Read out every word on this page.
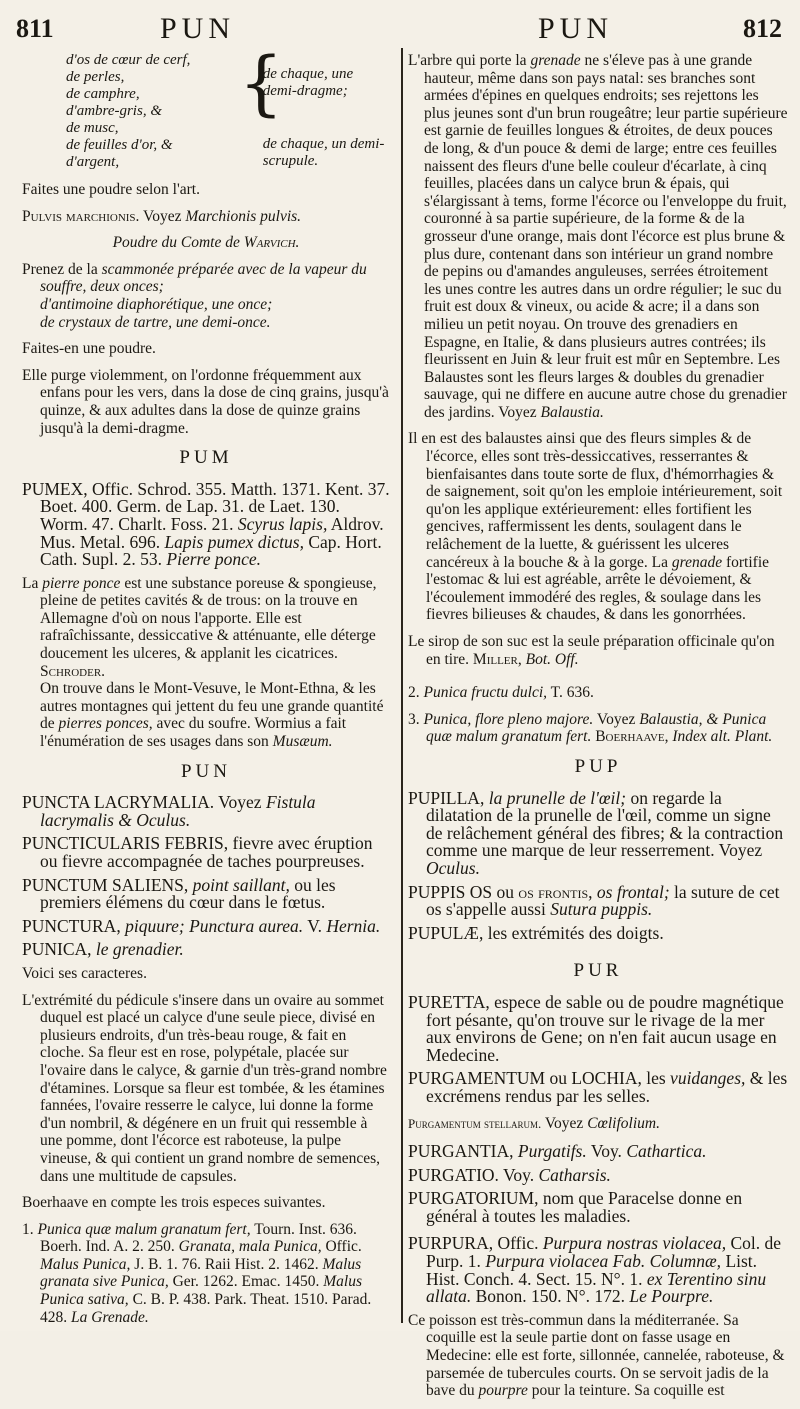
811	PUN	PUN	812
d'os de cœur de cerf,
de perles,
de camphre,
d'ambre-gris, &
de musc,
de feuilles d'or, &
d'argent,
{
de chaque, une demi-dragme;
de chaque, un demi-scrupule.

Faites une poudre selon l'art.

Pulvis marchionis. Voyez Marchionis pulvis.

Poudre du Comte de Warvich.

Prenez de la scammonée préparée avec de la vapeur du souffre, deux onces;
d'antimoine diaphorétique, une once;
de crystaux de tartre, une demi-once.

Faites-en une poudre.

Elle purge violemment, on l'ordonne fréquemment aux enfans pour les vers, dans la dose de cinq grains, jusqu'à quinze, & aux adultes dans la dose de quinze grains jusqu'à la demi-dragme.

PUM

PUMEX, Offic. Schrod. 355. Matth. 1371. Kent. 37. Boet. 400. Germ. de Lap. 31. de Laet. 130. Worm. 47. Charlt. Foss. 21. Scyrus lapis, Aldrov. Mus. Metal. 696. Lapis pumex dictus, Cap. Hort. Cath. Supl. 2. 53. Pierre ponce.

La pierre ponce est une substance poreuse & spongieuse, pleine de petites cavités & de trous: on la trouve en Allemagne d'où on nous l'apporte. Elle est rafraîchissante, dessiccative & atténuante, elle déterge doucement les ulceres, & applanit les cicatrices. Schroder.
On trouve dans le Mont-Vesuve, le Mont-Ethna, & les autres montagnes qui jettent du feu une grande quantité de pierres ponces, avec du soufre. Wormius a fait l'énumération de ses usages dans son Musæum.

PUN

PUNCTA LACRYMALIA. Voyez Fistula lacrymalis & Oculus.

PUNCTICULARIS FEBRIS, fievre avec éruption ou fievre accompagnée de taches pourpreuses.

PUNCTUM SALIENS, point saillant, ou les premiers élémens du cœur dans le fœtus.

PUNCTURA, piquure; Punctura aurea. V. Hernia.

PUNICA, le grenadier.

Voici ses caracteres.

L'extrémité du pédicule s'insere dans un ovaire au sommet duquel est placé un calyce d'une seule piece, divisé en plusieurs endroits, d'un très-beau rouge, & fait en cloche. Sa fleur est en rose, polypétale, placée sur l'ovaire dans le calyce, & garnie d'un très-grand nombre d'étamines. Lorsque sa fleur est tombée, & les étamines fannées, l'ovaire resserre le calyce, lui donne la forme d'un nombril, & dégénere en un fruit qui ressemble à une pomme, dont l'écorce est raboteuse, la pulpe vineuse, & qui contient un grand nombre de semences, dans une multitude de capsules.

Boerhaave en compte les trois especes suivantes.

1. Punica quæ malum granatum fert, Tourn. Inst. 636. Boerh. Ind. A. 2. 250. Granata, mala Punica, Offic. Malus Punica, J. B. 1. 76. Raii Hist. 2. 1462. Malus granata sive Punica, Ger. 1262. Emac. 1450. Malus Punica sativa, C. B. P. 438. Park. Theat. 1510. Parad. 428. La Grenade.

L'arbre qui porte la grenade ne s'éleve pas à une grande hauteur, même dans son pays natal: ses branches sont armées d'épines en quelques endroits; ses rejettons les plus jeunes sont d'un brun rougeâtre; leur partie supérieure est garnie de feuilles longues & étroites, de deux pouces de long, & d'un pouce & demi de large; entre ces feuilles naissent des fleurs d'une belle couleur d'écarlate, à cinq feuilles, placées dans un calyce brun & épais, qui s'élargissant à tems, forme l'écorce ou l'enveloppe du fruit, couronné à sa partie supérieure, de la forme & de la grosseur d'une orange, mais dont l'écorce est plus brune & plus dure, contenant dans son intérieur un grand nombre de pepins ou d'amandes anguleuses, serrées étroitement les unes contre les autres dans un ordre régulier; le suc du fruit est doux & vineux, ou acide & acre; il a dans son milieu un petit noyau. On trouve des grenadiers en Espagne, en Italie, & dans plusieurs autres contrées; ils fleurissent en Juin & leur fruit est mûr en Septembre. Les Balaustes sont les fleurs larges & doubles du grenadier sauvage, qui ne differe en aucune autre chose du grenadier des jardins. Voyez Balaustia.

Il en est des balaustes ainsi que des fleurs simples & de l'écorce, elles sont très-dessiccatives, resserrantes & bienfaisantes dans toute sorte de flux, d'hémorrhagies & de saignement, soit qu'on les emploie intérieurement, soit qu'on les applique extérieurement: elles fortifient les gencives, raffermissent les dents, soulagent dans le relâchement de la luette, & guérissent les ulceres cancéreux à la bouche & à la gorge. La grenade fortifie l'estomac & lui est agréable, arrête le dévoiement, & l'écoulement immodéré des regles, & soulage dans les fievres bilieuses & chaudes, & dans les gonorrhées.

Le sirop de son suc est la seule préparation officinale qu'on en tire. Miller, Bot. Off.

2. Punica fructu dulci, T. 636.

3. Punica, flore pleno majore. Voyez Balaustia, & Punica quæ malum granatum fert. Boerhaave, Index alt. Plant.

PUP

PUPILLA, la prunelle de l'œil; on regarde la dilatation de la prunelle de l'œil, comme un signe de relâchement général des fibres; & la contraction comme une marque de leur resserrement. Voyez Oculus.

PUPPIS OS ou os frontis, os frontal; la suture de cet os s'appelle aussi Sutura puppis.

PUPULÆ, les extrémités des doigts.

PUR

PURETTA, espece de sable ou de poudre magnétique fort pésante, qu'on trouve sur le rivage de la mer aux environs de Gene; on n'en fait aucun usage en Medecine.

PURGAMENTUM ou LOCHIA, les vuidanges, & les excrémens rendus par les selles.

Purgamentum stellarum. Voyez Cœlifolium.

PURGANTIA, Purgatifs. Voy. Cathartica.

PURGATIO. Voy. Catharsis.

PURGATORIUM, nom que Paracelse donne en général à toutes les maladies.

PURPURA, Offic. Purpura nostras violacea, Col. de Purp. 1. Purpura violacea Fab. Columnæ, List. Hist. Conch. 4. Sect. 15. N°. 1. ex Terentino sinu allata. Bonon. 150. N°. 172. Le Pourpre.

Ce poisson est très-commun dans la méditerranée. Sa coquille est la seule partie dont on fasse usage en Medecine: elle est forte, sillonnée, cannelée, raboteuse, & parsemée de tubercules courts. On se servoit jadis de la bave du pourpre pour la teinture. Sa coquille est
